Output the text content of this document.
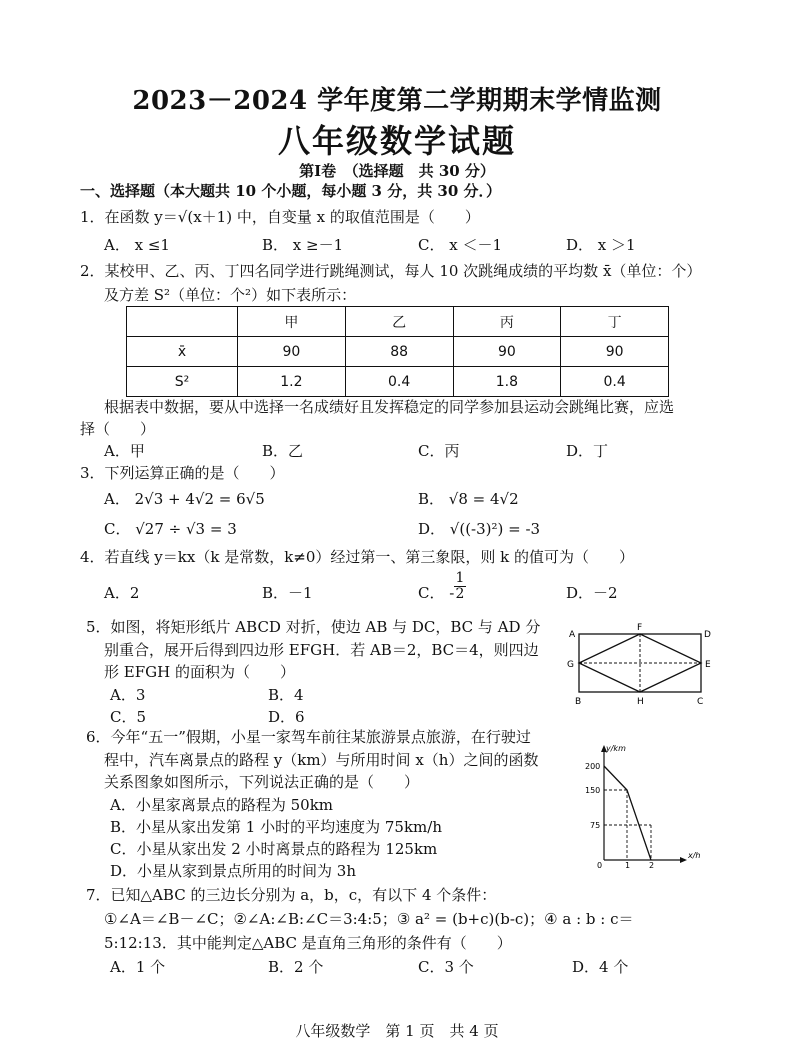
2023－2024 学年度第二学期期末学情监测
八年级数学试题
第Ⅰ卷　（选择题　共 30 分）
一、选择题（本大题共 10 个小题，每小题 3 分，共 30 分．）
1．在函数 y＝√(x＋1) 中，自变量 x 的取值范围是（　　）
A． x ≤1	B． x ≥－1	C． x ＜－1	D． x ＞1
2．某校甲、乙、丙、丁四名同学进行跳绳测试，每人 10 次跳绳成绩的平均数 x̄（单位：个）
及方差 S²（单位：个²）如下表所示：
	甲	乙	丙	丁
x̄	90	88	90	90
S²	1.2	0.4	1.8	0.4
根据表中数据，要从中选择一名成绩好且发挥稳定的同学参加县运动会跳绳比赛，应选
择（　　）
A．甲	B．乙	C．丙	D．丁
3．下列运算正确的是（　　）
A． 2√3 + 4√2 = 6√5	B． √8 = 4√2
C． √27 ÷ √3 = 3	D． √((-3)²) = -3
4．若直线 y＝kx（k 是常数，k≠0）经过第一、第三象限，则 k 的值可为（　　）
A．2	B．－1	C． -
1
2	D．－2
5．如图，将矩形纸片 ABCD 对折，使边 AB 与 DC，BC 与 AD 分
别重合，展开后得到四边形 EFGH．若 AB＝2，BC＝4，则四边
形 EFGH 的面积为（　　）
A．3	B．4
C．5	D．6
A
B	C
D
E
F
G
H
6．今年“五一”假期，小星一家驾车前往某旅游景点旅游，在行驶过
程中，汽车离景点的路程 y（km）与所用时间 x（h）之间的函数
关系图象如图所示，下列说法正确的是（　　）
A．小星家离景点的路程为 50km
B．小星从家出发第 1 小时的平均速度为 75km/h
C．小星从家出发 2 小时离景点的路程为 125km
D．小星从家到景点所用的时间为 3h
y/km
x/h
200
150
75
0	1 2
7．已知△ABC 的三边长分别为 a，b，c，有以下 4 个条件：
①∠A＝∠B－∠C；②∠A:∠B:∠C＝3:4:5；③ a² = (b+c)(b-c)；④ a : b : c＝
5:12:13．其中能判定△ABC 是直角三角形的条件有（　　）
A．1 个	B．2 个	C．3 个	D．4 个
八年级数学　第 1 页　共 4 页
